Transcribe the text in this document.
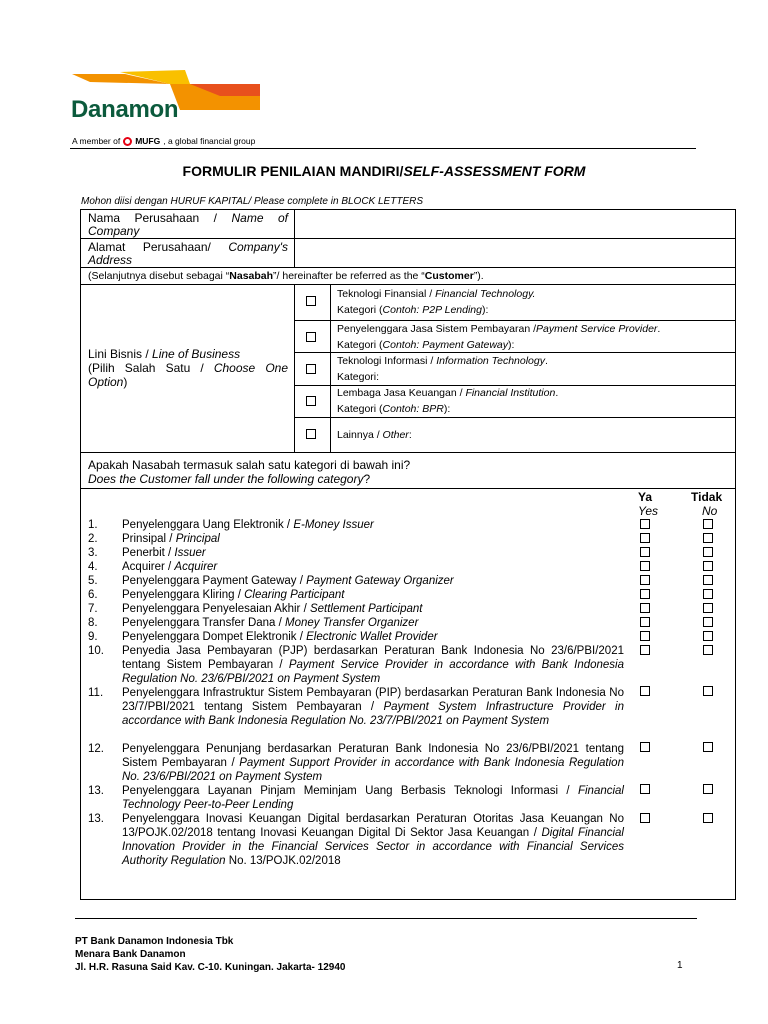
Danamon
A member of MUFG , a global financial group
FORMULIR PENILAIAN MANDIRI/SELF-ASSESSMENT FORM
Mohon diisi dengan HURUF KAPITAL/ Please complete in BLOCK LETTERS
Nama Perusahaan / Name of Company
Alamat Perusahaan/ Company's Address
(Selanjutnya disebut sebagai “Nasabah”/ hereinafter be referred as the “Customer”).
Lini Bisnis / Line of Business
(Pilih Salah Satu / Choose One Option)
Teknologi Finansial / Financial Technology.
Kategori (Contoh: P2P Lending):
Penyelenggara Jasa Sistem Pembayaran /Payment Service Provider.
Kategori (Contoh: Payment Gateway):
Teknologi Informasi / Information Technology.
Kategori:
Lembaga Jasa Keuangan / Financial Institution.
Kategori (Contoh: BPR):
Lainnya / Other:
Apakah Nasabah termasuk salah satu kategori di bawah ini?
Does the Customer fall under the following category?
Ya
Yes
Tidak
No
1. Penyelenggara Uang Elektronik / E-Money Issuer
2. Prinsipal / Principal
3. Penerbit / Issuer
4. Acquirer / Acquirer
5. Penyelenggara Payment Gateway / Payment Gateway Organizer
6. Penyelenggara Kliring / Clearing Participant
7. Penyelenggara Penyelesaian Akhir / Settlement Participant
8. Penyelenggara Transfer Dana / Money Transfer Organizer
9. Penyelenggara Dompet Elektronik / Electronic Wallet Provider
10. Penyedia Jasa Pembayaran (PJP) berdasarkan Peraturan Bank Indonesia No 23/6/PBI/2021 tentang Sistem Pembayaran / Payment Service Provider in accordance with Bank Indonesia Regulation No. 23/6/PBI/2021 on Payment System
11. Penyelenggara Infrastruktur Sistem Pembayaran (PIP) berdasarkan Peraturan Bank Indonesia No 23/7/PBI/2021 tentang Sistem Pembayaran / Payment System Infrastructure Provider in accordance with Bank Indonesia Regulation No. 23/7/PBI/2021 on Payment System
12. Penyelenggara Penunjang berdasarkan Peraturan Bank Indonesia No 23/6/PBI/2021 tentang Sistem Pembayaran / Payment Support Provider in accordance with Bank Indonesia Regulation No. 23/6/PBI/2021 on Payment System
13. Penyelenggara Layanan Pinjam Meminjam Uang Berbasis Teknologi Informasi / Financial Technology Peer-to-Peer Lending
13. Penyelenggara Inovasi Keuangan Digital berdasarkan Peraturan Otoritas Jasa Keuangan No 13/POJK.02/2018 tentang Inovasi Keuangan Digital Di Sektor Jasa Keuangan / Digital Financial Innovation Provider in the Financial Services Sector in accordance with Financial Services Authority Regulation No. 13/POJK.02/2018
PT Bank Danamon Indonesia Tbk
Menara Bank Danamon
Jl. H.R. Rasuna Said Kav. C-10. Kuningan. Jakarta- 12940	1
